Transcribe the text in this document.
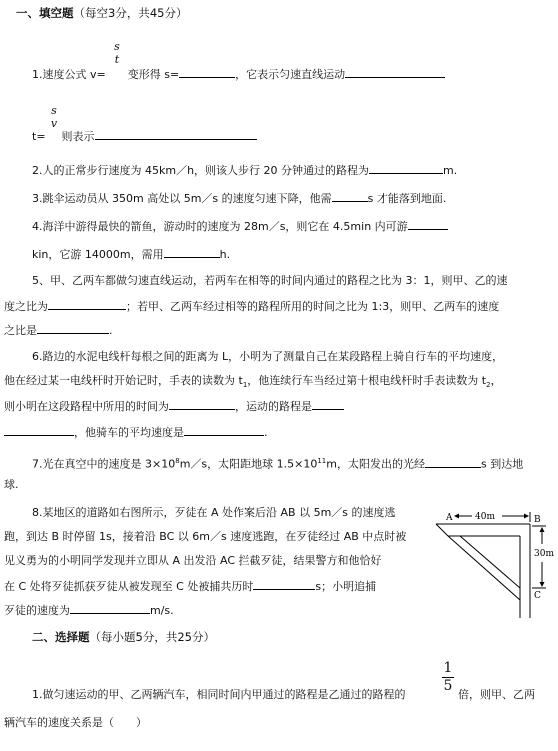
一、填空题（每空3分，共45分）
s
t
1.速度公式 v= 变形得 s=	，它表示匀速直线运动
s
v
t= 则表示
2.人的正常步行速度为 45km／h，则该人步行 20 分钟通过的路程为	m.
3.跳伞运动员从 350m 高处以 5m／s 的速度匀速下降，他需	s 才能落到地面.
4.海洋中游得最快的箭鱼，游动时的速度为 28m／s，则它在 4.5min 内可游
kin，它游 14000m，需用	h.
5、甲、乙两车都做匀速直线运动，若两车在相等的时间内通过的路程之比为 3：1，则甲、乙的速
度之比为	；若甲、乙两车经过相等的路程所用的时间之比为 1:3，则甲、乙两车的速度
之比是	.
6.路边的水泥电线杆每根之间的距离为 L，小明为了测量自己在某段路程上骑自行车的平均速度，
他在经过某一电线杆时开始记时，手表的读数为 $t_1$，他连续行车当经过第十根电线杆时手表读数为 $t_2$，
则小明在这段路程中所用的时间为	，运动的路程是
，他骑车的平均速度是	.
7.光在真空中的速度是 $3\times 10^8m/s$，太阳距地球 $1.5\times 10^{11}m$，太阳发出的光经	s 到达地
球.
8.某地区的道路如右图所示，歹徒在 A 处作案后沿 AB 以 5m／s 的速度逃
跑，到达 B 时停留 1s，接着沿 BC 以 6m／s 速度逃跑，在歹徒经过 AB 中点时被
见义勇为的小明同学发现并立即从 A 出发沿 AC 拦截歹徒，结果警方和他恰好
在 C 处将歹徒抓获歹徒从被发现至 C 处被捕共历时	s；小明追捕
歹徒的速度为	m/s.
A	B
C
40m
30m
二、选择题（每小题5分，共25分）
$\frac{1}{5}$
1.做匀速运动的甲、乙两辆汽车，相同时间内甲通过的路程是乙通过的路程的	倍，则甲、乙两
辆汽车的速度关系是（　　）
